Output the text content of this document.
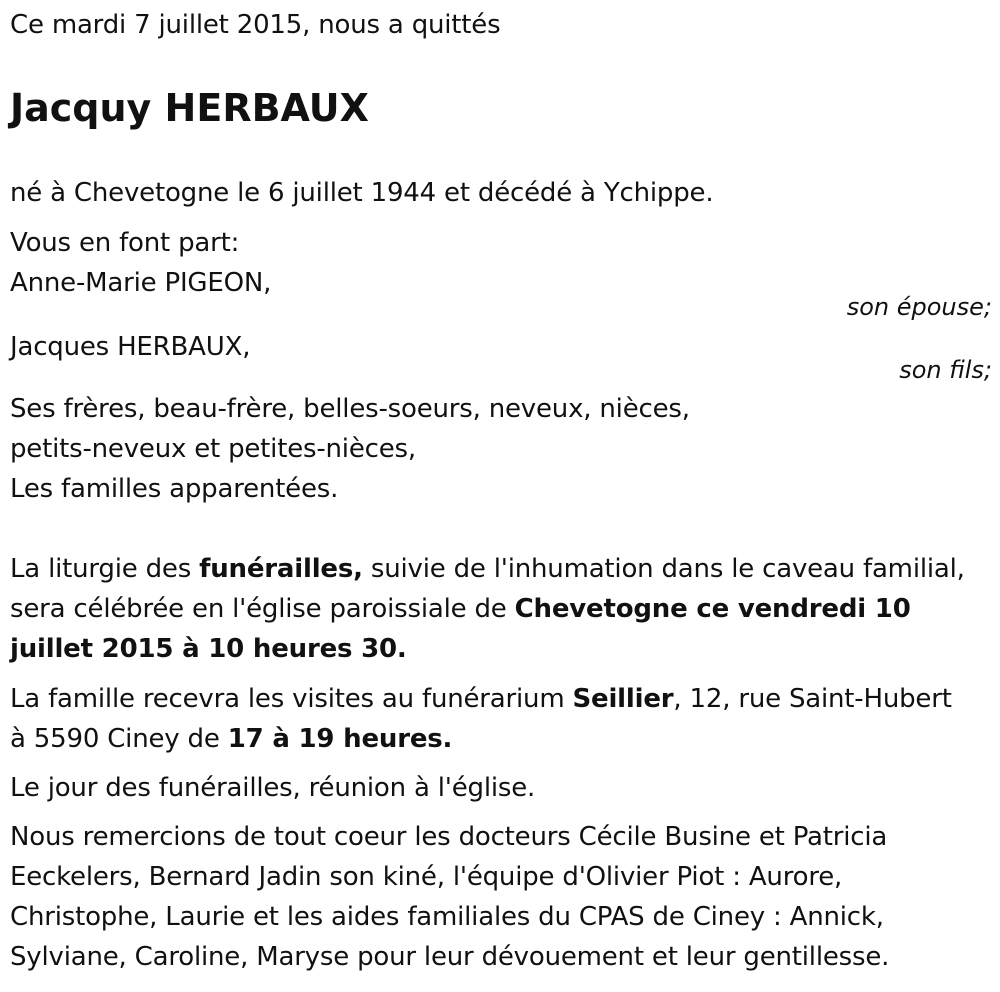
Ce mardi 7 juillet 2015, nous a quittés
Jacquy HERBAUX
né à Chevetogne le 6 juillet 1944 et décédé à Ychippe.
Vous en font part:
Anne-Marie PIGEON,
son épouse;
Jacques HERBAUX,
son fils;
Ses frères, beau-frère, belles-soeurs, neveux, nièces,
petits-neveux et petites-nièces,
Les familles apparentées.
La liturgie des funérailles, suivie de l'inhumation dans le caveau familial,
sera célébrée en l'église paroissiale de Chevetogne ce vendredi 10
juillet 2015 à 10 heures 30.
La famille recevra les visites au funérarium Seillier, 12, rue Saint-Hubert
à 5590 Ciney de 17 à 19 heures.
Le jour des funérailles, réunion à l'église.
Nous remercions de tout coeur les docteurs Cécile Busine et Patricia
Eeckelers, Bernard Jadin son kiné, l'équipe d'Olivier Piot : Aurore,
Christophe, Laurie et les aides familiales du CPAS de Ciney : Annick,
Sylviane, Caroline, Maryse pour leur dévouement et leur gentillesse.
